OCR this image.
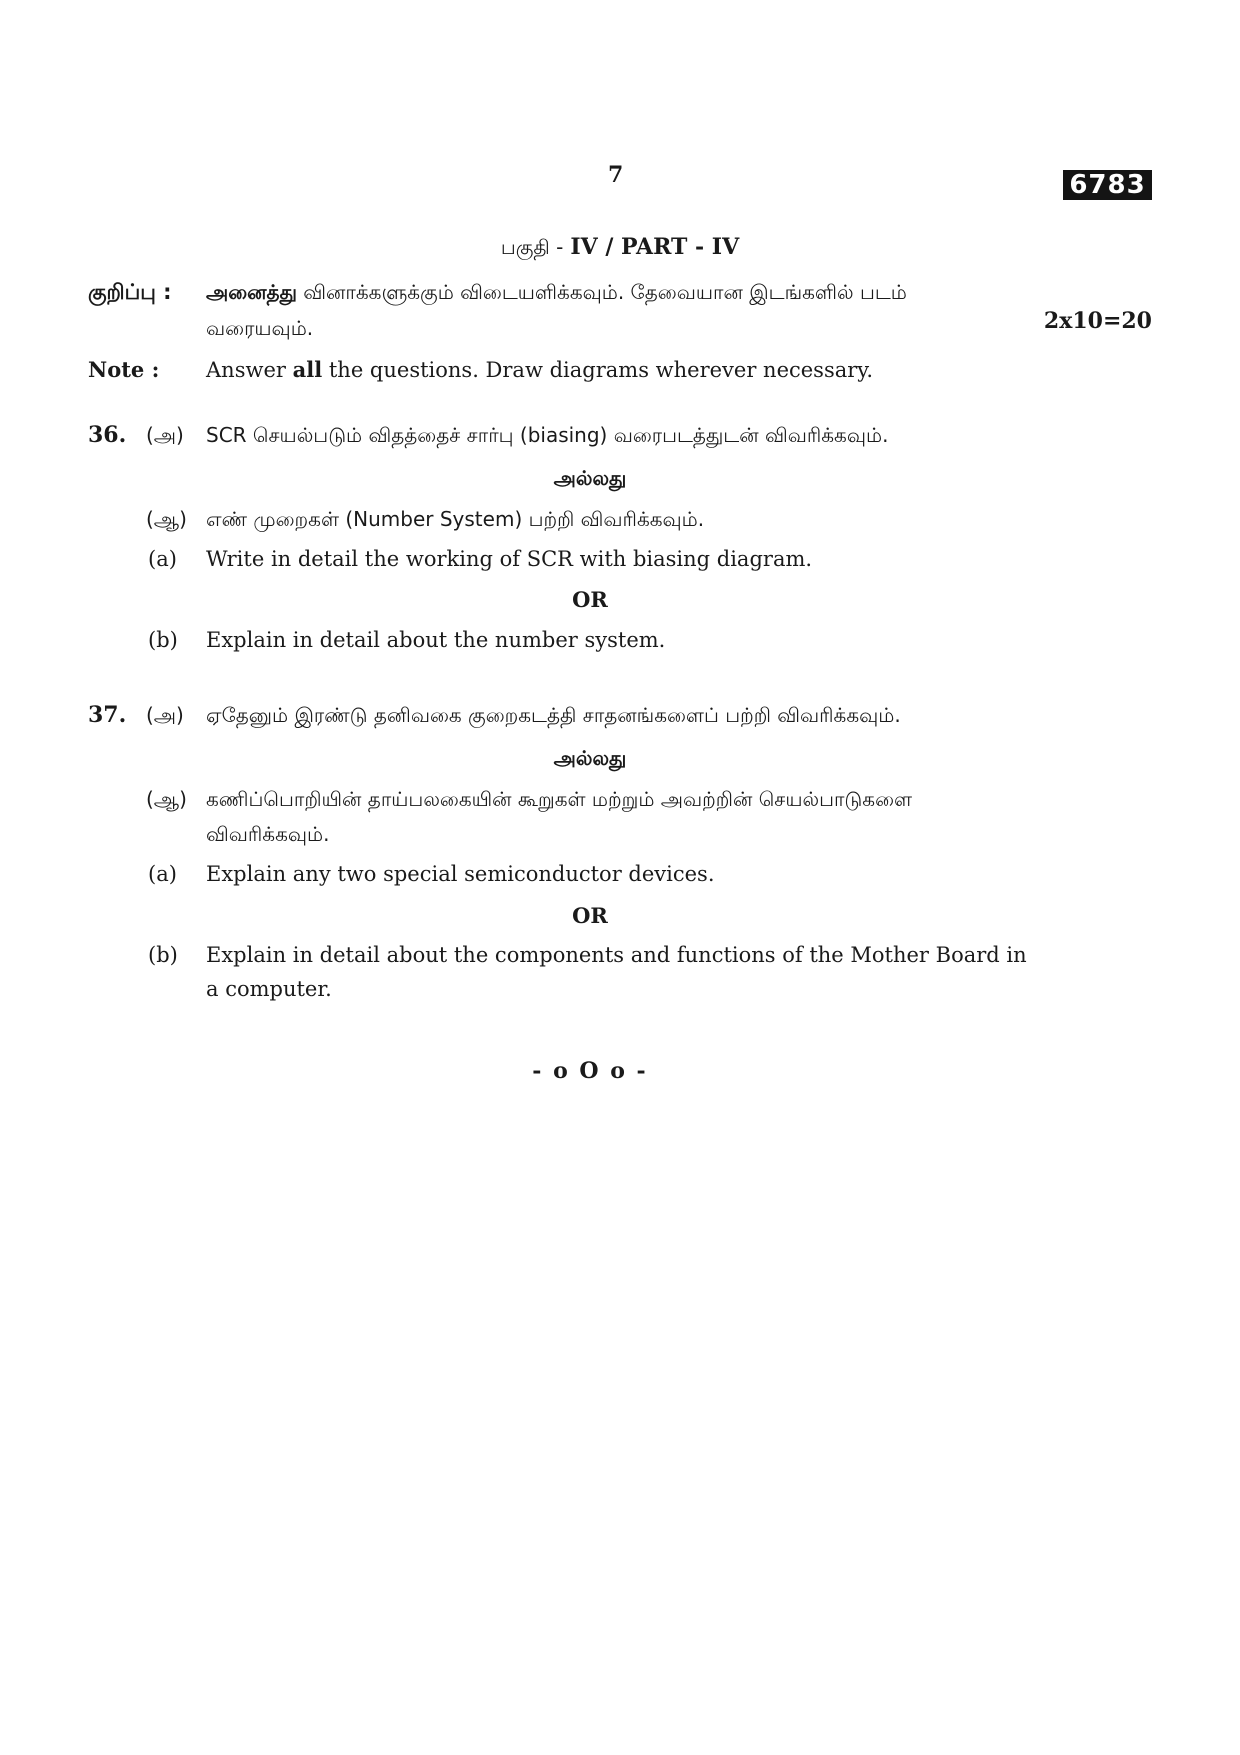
7	6783
பகுதி - IV / PART - IV
குறிப்பு : அனைத்து வினாக்களுக்கும் விடையளிக்கவும். தேவையான இடங்களில் படம்
வரையவும்.	2x10=20
Note : Answer all the questions. Draw diagrams wherever necessary.
36. (அ) SCR செயல்படும் விதத்தைச் சார்பு (biasing) வரைபடத்துடன் விவரிக்கவும்.
அல்லது
(ஆ) எண் முறைகள் (Number System) பற்றி விவரிக்கவும்.
(a) Write in detail the working of SCR with biasing diagram.
OR
(b) Explain in detail about the number system.
37. (அ) ஏதேனும் இரண்டு தனிவகை குறைகடத்தி சாதனங்களைப் பற்றி விவரிக்கவும்.
அல்லது
(ஆ) கணிப்பொறியின் தாய்பலகையின் கூறுகள் மற்றும் அவற்றின் செயல்பாடுகளை
விவரிக்கவும்.
(a) Explain any two special semiconductor devices.
OR
(b) Explain in detail about the components and functions of the Mother Board in
a computer.
- o O o -
